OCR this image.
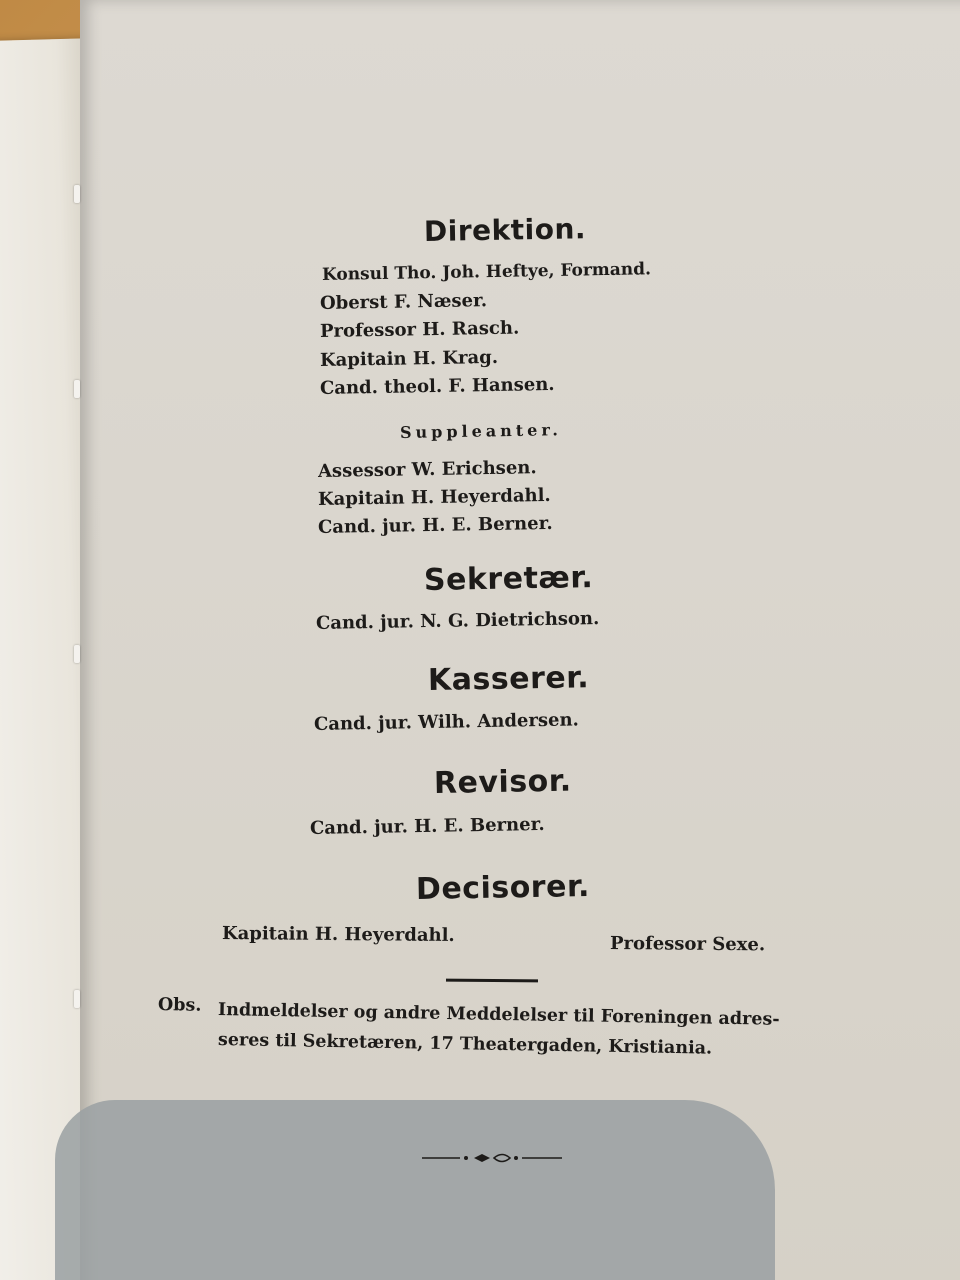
Direktion.
Konsul Tho. Joh. Heftye, Formand.
Oberst F. Næser.
Professor H. Rasch.
Kapitain H. Krag.
Cand. theol. F. Hansen.
Suppleanter.
Assessor W. Erichsen.
Kapitain H. Heyerdahl.
Cand. jur. H. E. Berner.
Sekretær.
Cand. jur. N. G. Dietrichson.
Kasserer.
Cand. jur. Wilh. Andersen.
Revisor.
Cand. jur. H. E. Berner.
Decisorer.
Kapitain H. Heyerdahl.	Professor Sexe.
Obs. Indmeldelser og andre Meddelelser til Foreningen adres-
seres til Sekretæren, 17 Theatergaden, Kristiania.
